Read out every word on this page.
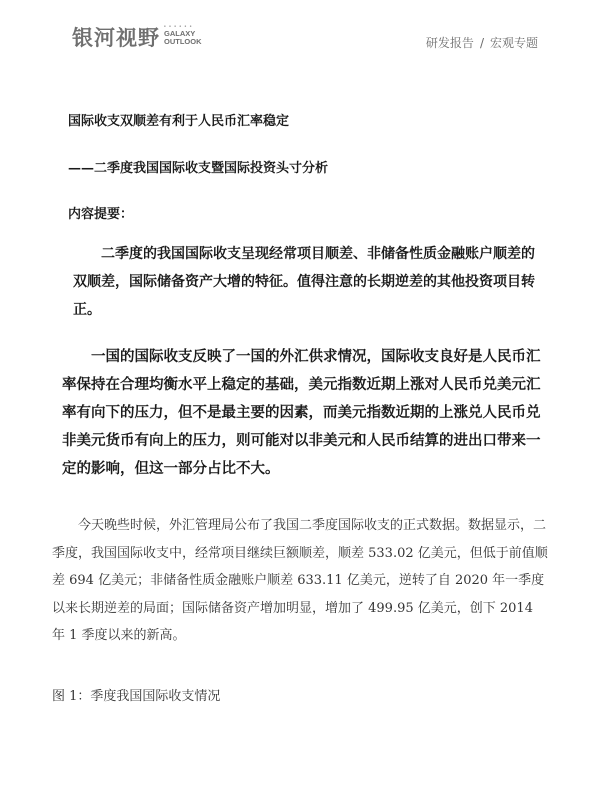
银河视野 • • • • • •
GALAXY
OUTLOOK	研发报告 / 宏观专题
国际收支双顺差有利于人民币汇率稳定
——二季度我国国际收支暨国际投资头寸分析
内容提要：

二季度的我国国际收支呈现经常项目顺差、非储备性质金融账户顺差的双顺差，国际储备资产大增的特征。值得注意的长期逆差的其他投资项目转正。

一国的国际收支反映了一国的外汇供求情况，国际收支良好是人民币汇率保持在合理均衡水平上稳定的基础，美元指数近期上涨对人民币兑美元汇率有向下的压力，但不是最主要的因素，而美元指数近期的上涨兑人民币兑非美元货币有向上的压力，则可能对以非美元和人民币结算的进出口带来一定的影响，但这一部分占比不大。

今天晚些时候，外汇管理局公布了我国二季度国际收支的正式数据。数据显示，二季度，我国国际收支中，经常项目继续巨额顺差，顺差 533.02 亿美元，但低于前值顺差 694 亿美元；非储备性质金融账户顺差 633.11 亿美元，逆转了自 2020 年一季度以来长期逆差的局面；国际储备资产增加明显，增加了 499.95 亿美元，创下 2014 年 1 季度以来的新高。

图 1：季度我国国际收支情况
